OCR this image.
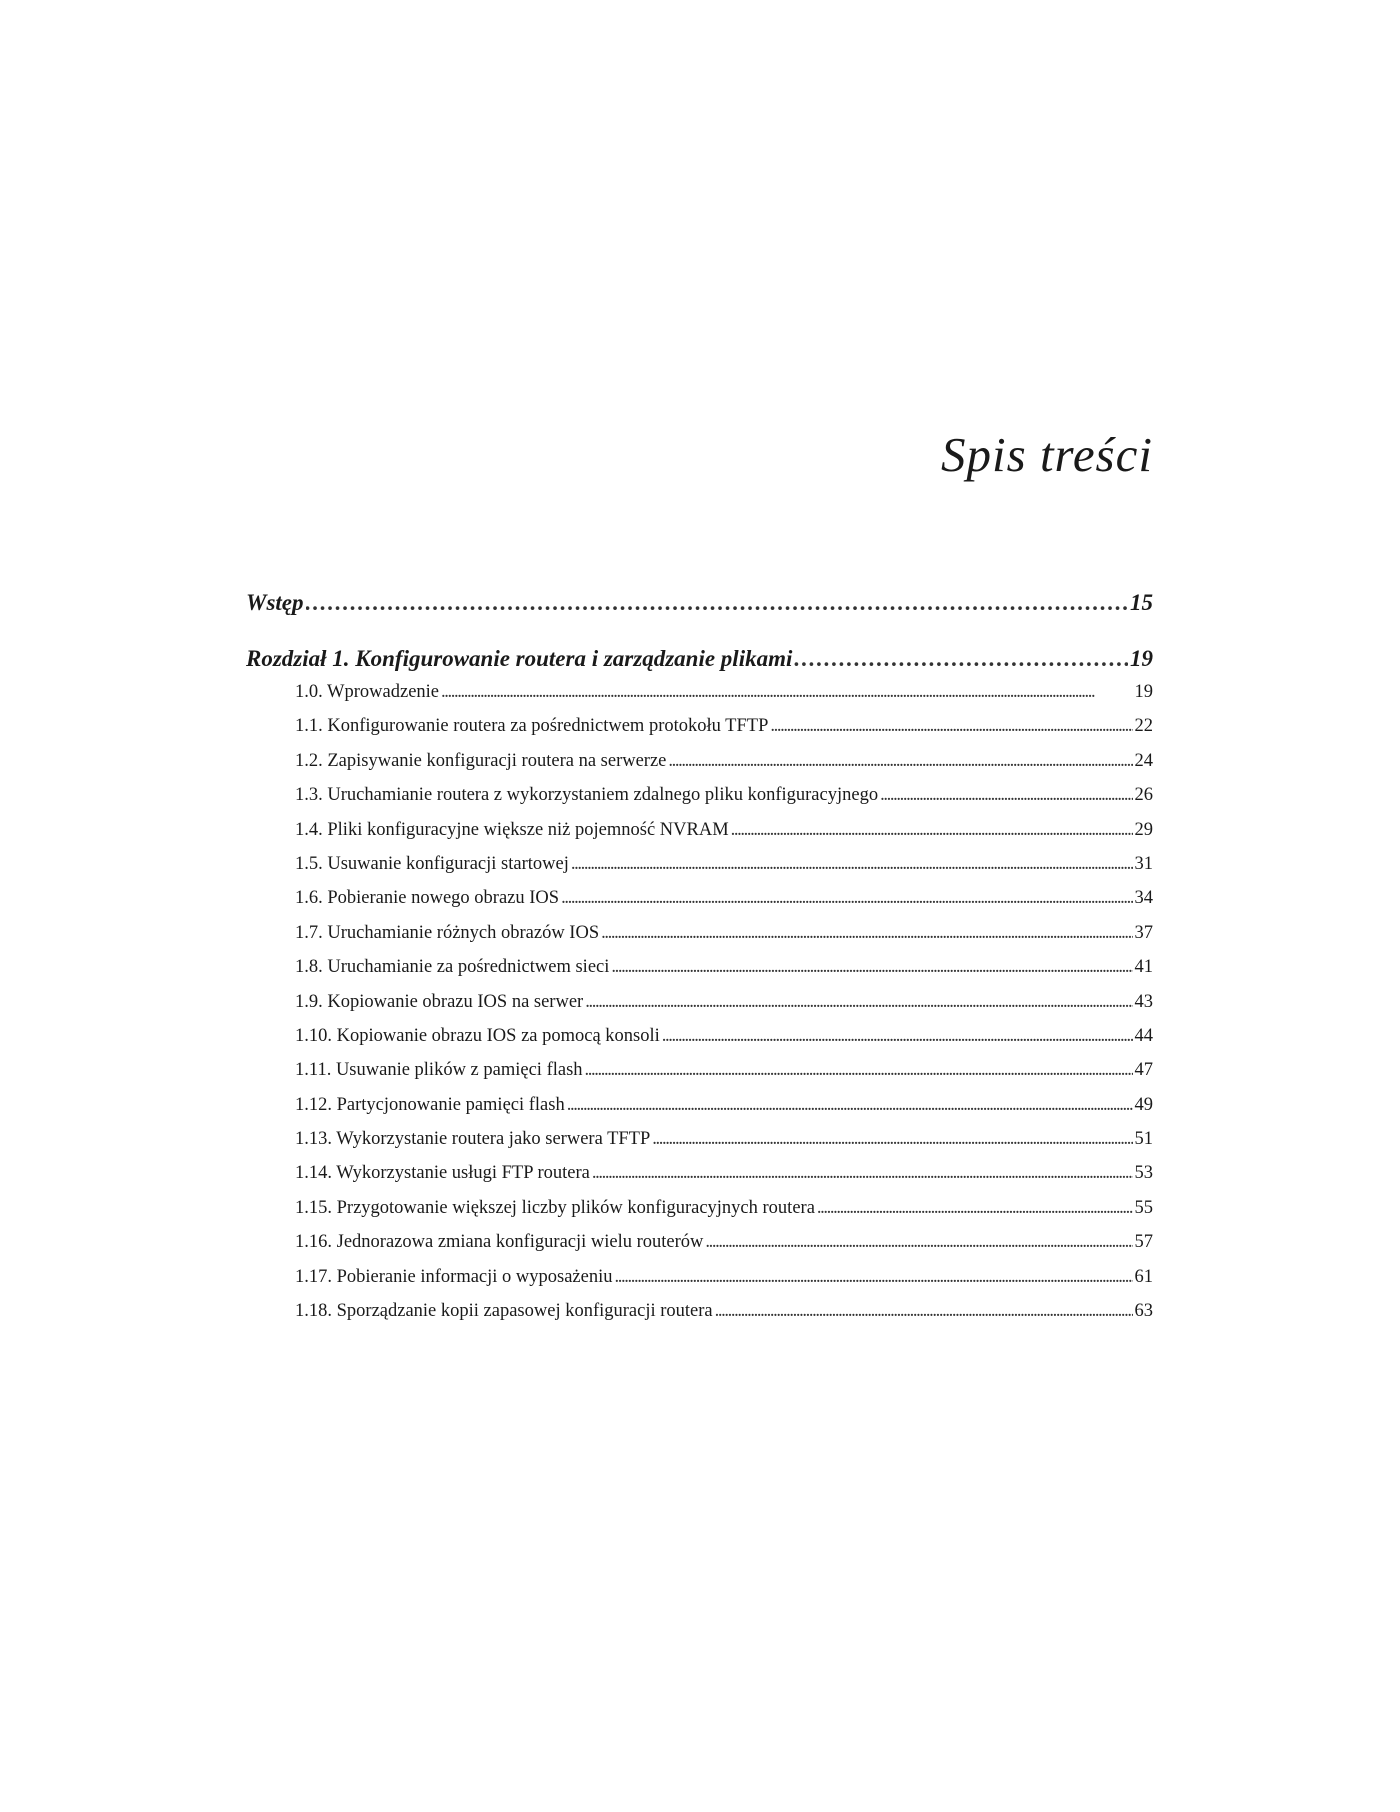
Spis treści
Wstęp . . .	15
Rozdział 1. Konfigurowanie routera i zarządzanie plikami . . .	19
1.0. Wprowadzenie . . .	19
1.1. Konfigurowanie routera za pośrednictwem protokołu TFTP . . .	22
1.2. Zapisywanie konfiguracji routera na serwerze . . .	24
1.3. Uruchamianie routera z wykorzystaniem zdalnego pliku konfiguracyjnego . . .	26
1.4. Pliki konfiguracyjne większe niż pojemność NVRAM . . .	29
1.5. Usuwanie konfiguracji startowej . . .	31
1.6. Pobieranie nowego obrazu IOS . . .	34
1.7. Uruchamianie różnych obrazów IOS . . .	37
1.8. Uruchamianie za pośrednictwem sieci . . .	41
1.9. Kopiowanie obrazu IOS na serwer . . .	43
1.10. Kopiowanie obrazu IOS za pomocą konsoli . . .	44
1.11. Usuwanie plików z pamięci flash . . .	47
1.12. Partycjonowanie pamięci flash . . .	49
1.13. Wykorzystanie routera jako serwera TFTP . . .	51
1.14. Wykorzystanie usługi FTP routera . . .	53
1.15. Przygotowanie większej liczby plików konfiguracyjnych routera . . .	55
1.16. Jednorazowa zmiana konfiguracji wielu routerów . . .	57
1.17. Pobieranie informacji o wyposażeniu . . .	61
1.18. Sporządzanie kopii zapasowej konfiguracji routera . . .	63
